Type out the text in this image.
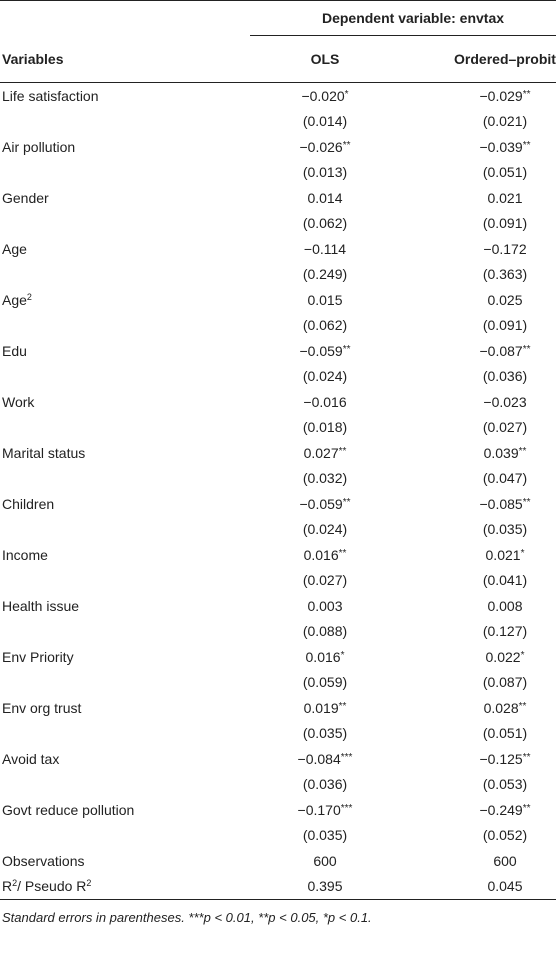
	Dependent variable: envtax	
Variables	OLS	Ordered–probit
Life satisfaction	−0.020*	−0.029**
	(0.014)	(0.021)
Air pollution	−0.026**	−0.039**
	(0.013)	(0.051)
Gender	0.014	0.021
	(0.062)	(0.091)
Age	−0.114	−0.172
	(0.249)	(0.363)
Age$^2$	0.015	0.025
	(0.062)	(0.091)
Edu	−0.059**	−0.087**
	(0.024)	(0.036)
Work	−0.016	−0.023
	(0.018)	(0.027)
Marital status	0.027**	0.039**
	(0.032)	(0.047)
Children	−0.059**	−0.085**
	(0.024)	(0.035)
Income	0.016**	0.021*
	(0.027)	(0.041)
Health issue	0.003	0.008
	(0.088)	(0.127)
Env Priority	0.016*	0.022*
	(0.059)	(0.087)
Env org trust	0.019**	0.028**
	(0.035)	(0.051)
Avoid tax	−0.084***	−0.125**
	(0.036)	(0.053)
Govt reduce pollution	−0.170***	−0.249**
	(0.035)	(0.052)
Observations	600	600
$R^2/$ Pseudo $R^2$	0.395	0.045
Standard errors in parentheses. ***p < 0.01, **p < 0.05, *p < 0.1.
